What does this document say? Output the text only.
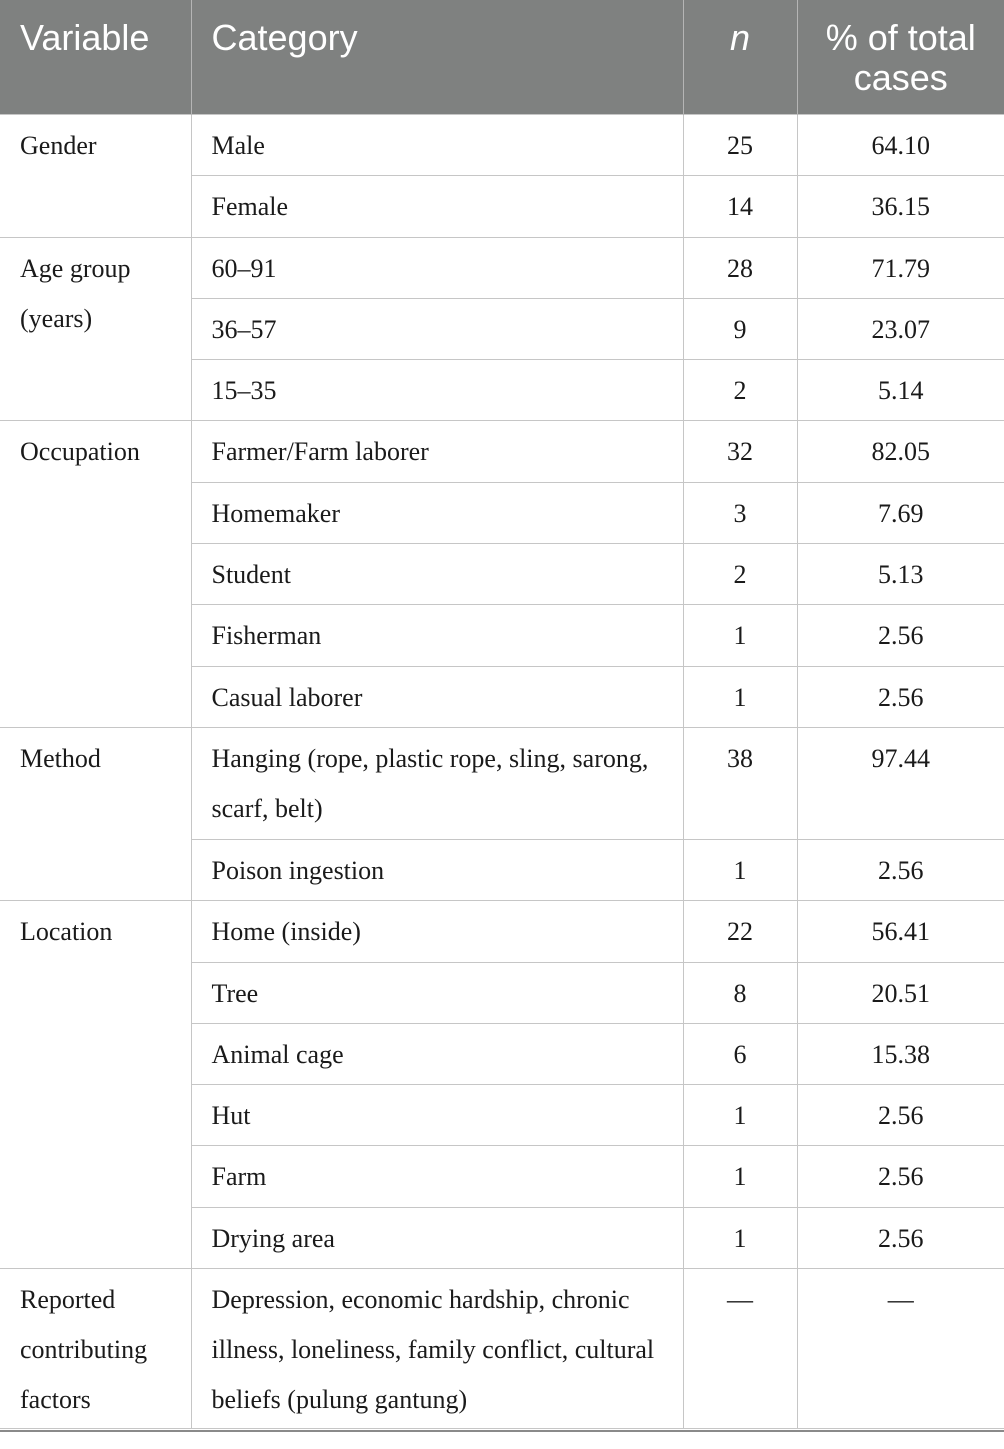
Variable	Category	n	% of total cases
Gender	Male	25	64.10
	Female	14	36.15
Age group (years)	60–91	28	71.79
	36–57	9	23.07
	15–35	2	5.14
Occupation	Farmer/Farm laborer	32	82.05
	Homemaker	3	7.69
	Student	2	5.13
	Fisherman	1	2.56
	Casual laborer	1	2.56
Method	Hanging (rope, plastic rope, sling, sarong, scarf, belt)	38	97.44
	Poison ingestion	1	2.56
Location	Home (inside)	22	56.41
	Tree	8	20.51
	Animal cage	6	15.38
	Hut	1	2.56
	Farm	1	2.56
	Drying area	1	2.56
Reported contributing factors	Depression, economic hardship, chronic illness, loneliness, family conflict, cultural beliefs (pulung gantung)	—	—
